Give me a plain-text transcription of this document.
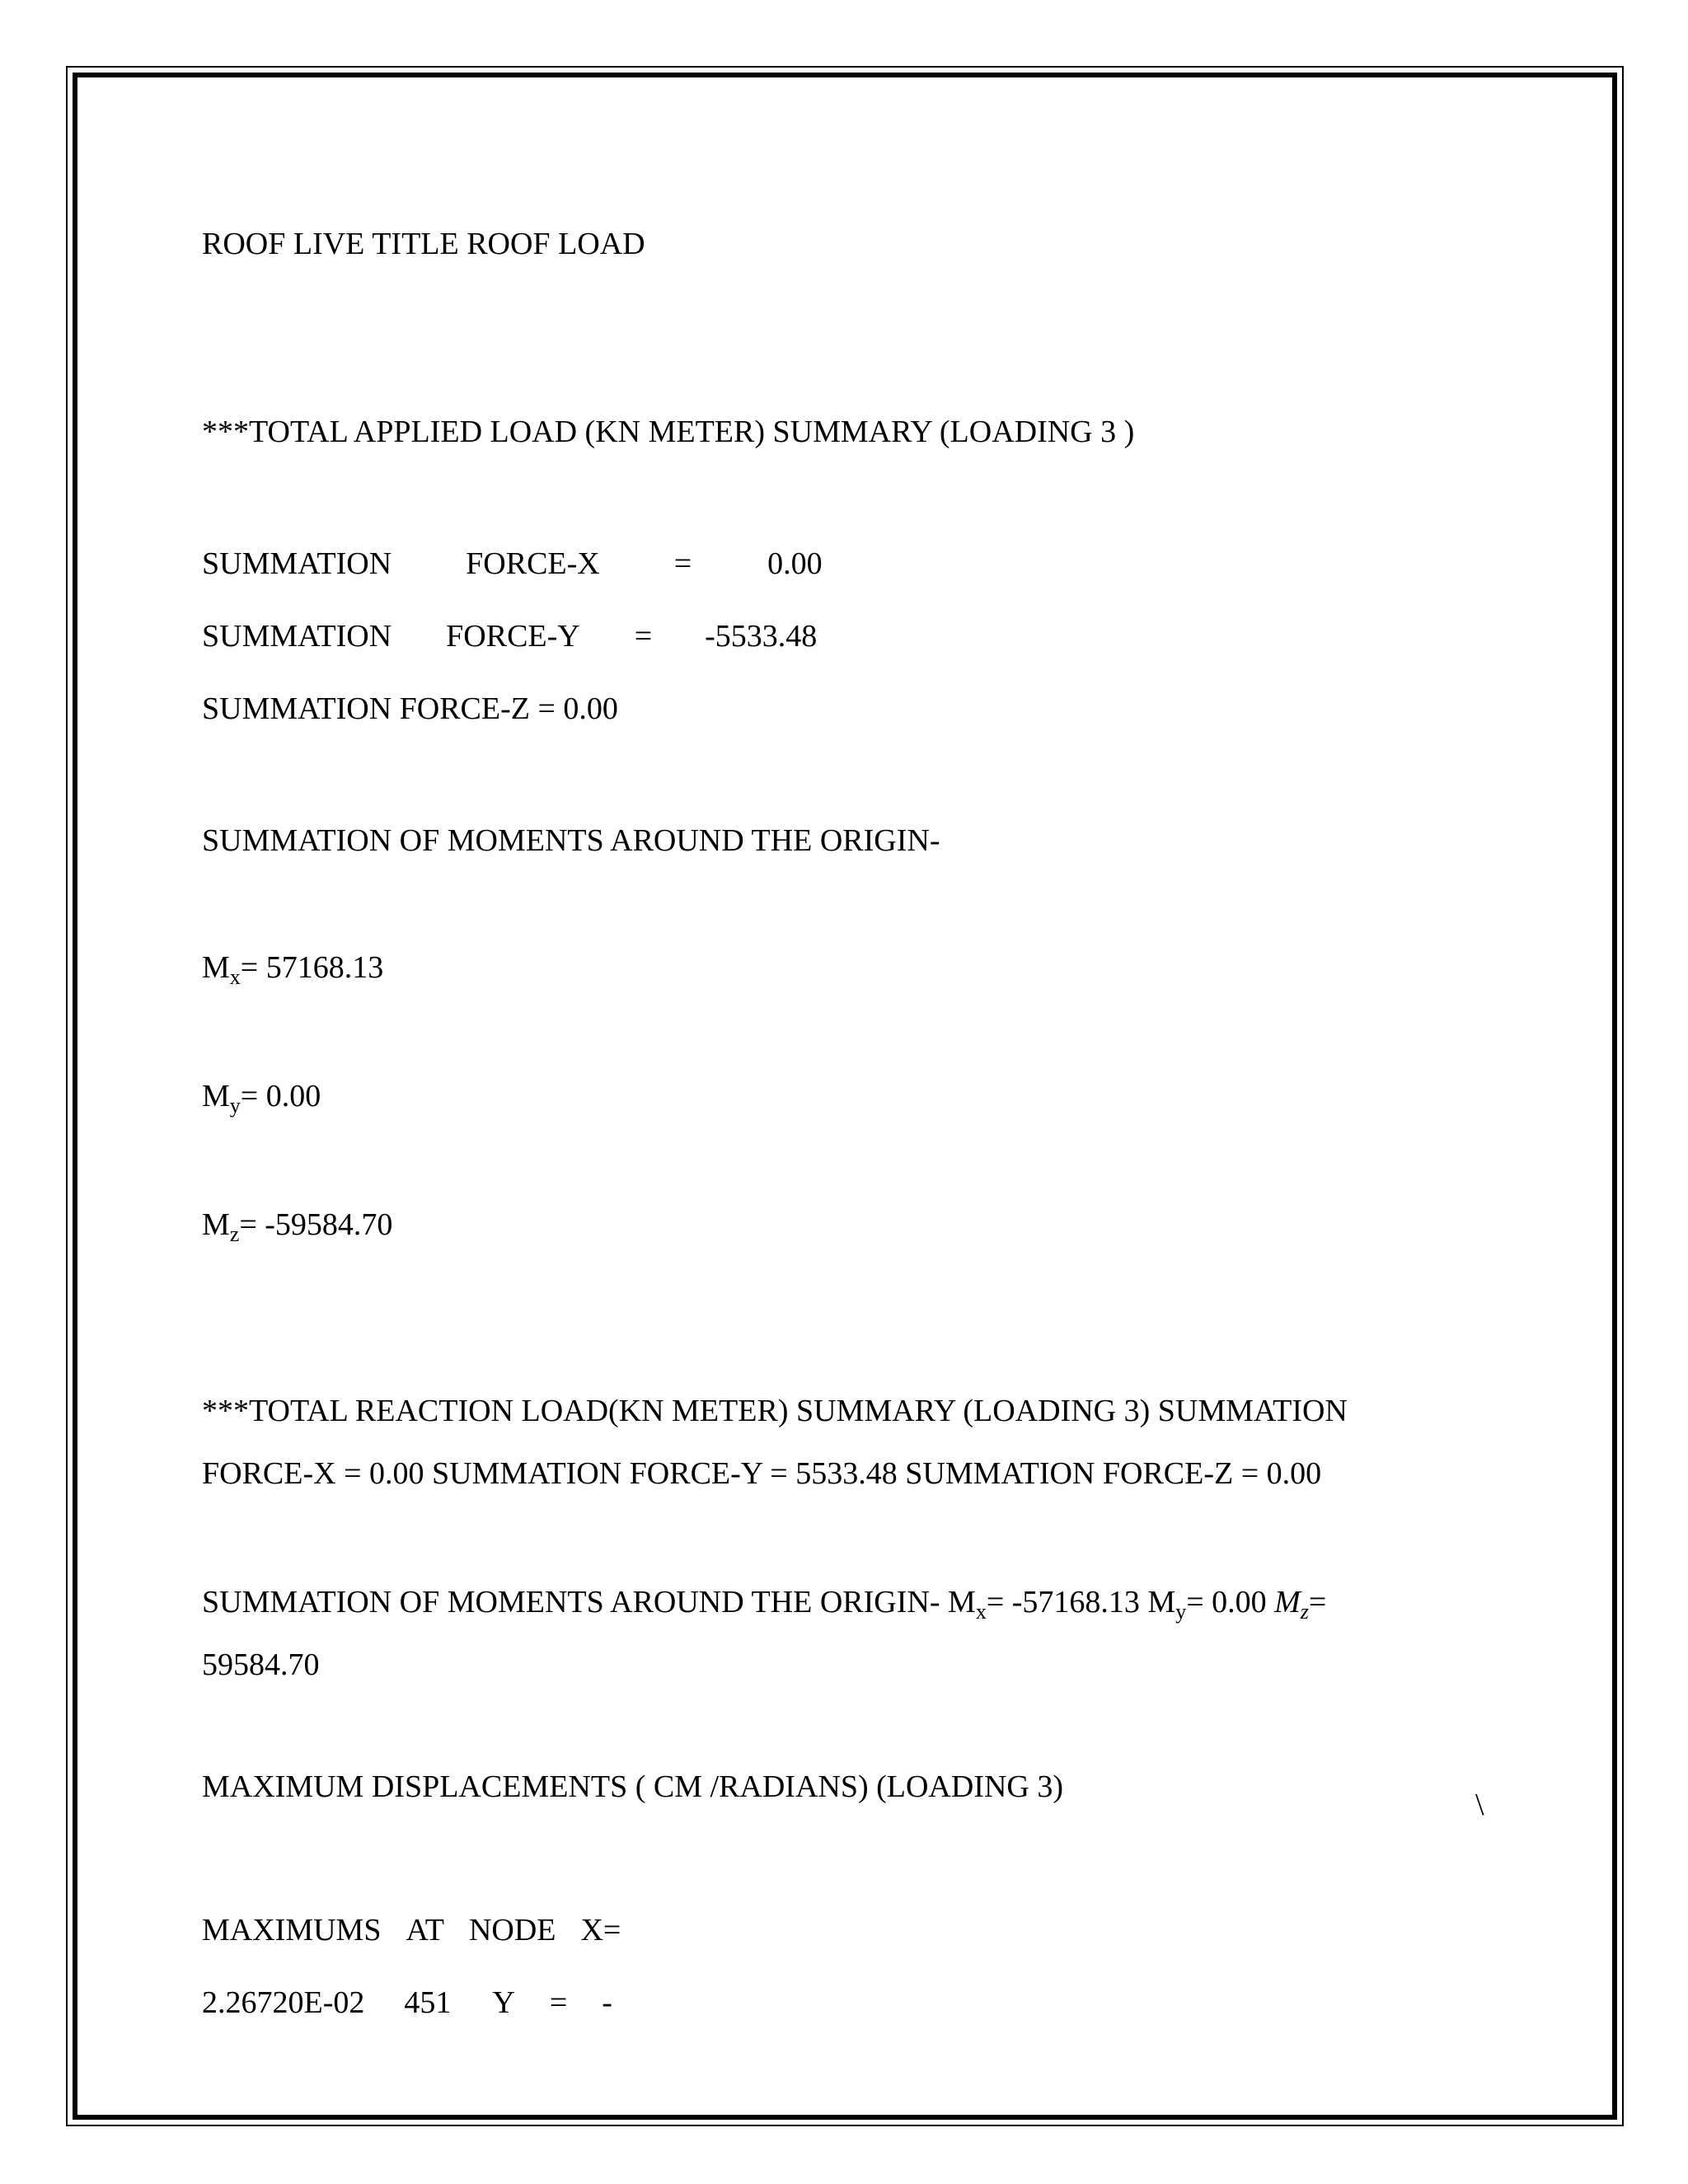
ROOF LIVE TITLE ROOF LOAD
***TOTAL APPLIED LOAD (KN METER) SUMMARY (LOADING 3 )
SUMMATION FORCE-X = 0.00
SUMMATION FORCE-Y = -5533.48
SUMMATION FORCE-Z = 0.00
SUMMATION OF MOMENTS AROUND THE ORIGIN-
$M_x= 57168.13$
$M_y= 0.00$
$M_z= -59584.70$
***TOTAL REACTION LOAD(KN METER) SUMMARY (LOADING 3) SUMMATION
FORCE-X = 0.00 SUMMATION FORCE-Y = 5533.48 SUMMATION FORCE-Z = 0.00
SUMMATION OF MOMENTS AROUND THE ORIGIN- $M_x= -57168.13$ $M_y= 0.00$ $M_z=$
59584.70
MAXIMUM DISPLACEMENTS ( CM /RADIANS) (LOADING 3)
\
MAXIMUMS AT NODE X=
2.26720E-02 451 Y = -
